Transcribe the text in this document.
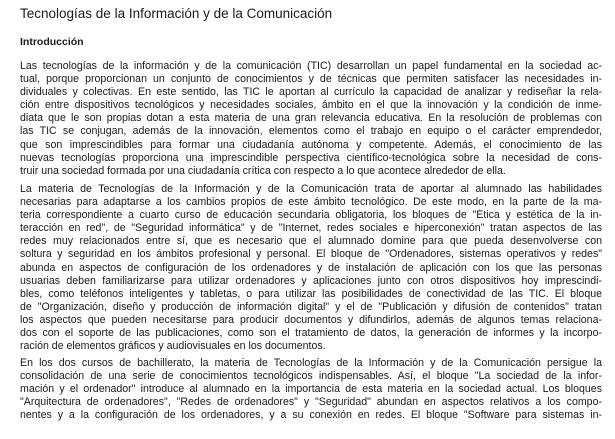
Tecnologías de la Información y de la Comunicación
Introducción

Las tecnologías de la información y de la comunicación (TIC) desarrollan un papel fundamental en la sociedad ac-
tual, porque proporcionan un conjunto de conocimientos y de técnicas que permiten satisfacer las necesidades in-
dividuales y colectivas. En este sentido, las TIC le aportan al currículo la capacidad de analizar y rediseñar la rela-
ción entre dispositivos tecnológicos y necesidades sociales, ámbito en el que la innovación y la condición de inme-
diata que le son propias dotan a esta materia de una gran relevancia educativa. En la resolución de problemas con
las TIC se conjugan, además de la innovación, elementos como el trabajo en equipo o el carácter emprendedor,
que son imprescindibles para formar una ciudadanía autónoma y competente. Además, el conocimiento de las
nuevas tecnologías proporciona una imprescindible perspectiva científico-tecnológica sobre la necesidad de cons-
truir una sociedad formada por una ciudadanía crítica con respecto a lo que acontece alrededor de ella.

La materia de Tecnologías de la Información y de la Comunicación trata de aportar al alumnado las habilidades
necesarias para adaptarse a los cambios propios de este ámbito tecnológico. De este modo, en la parte de la ma-
teria correspondiente a cuarto curso de educación secundaria obligatoria, los bloques de "Ética y estética de la in-
teracción en red", de "Seguridad informática" y de "Internet, redes sociales e hiperconexión" tratan aspectos de las
redes muy relacionados entre sí, que es necesario que el alumnado domine para que pueda desenvolverse con
soltura y seguridad en los ámbitos profesional y personal. El bloque de "Ordenadores, sistemas operativos y redes"
abunda en aspectos de configuración de los ordenadores y de instalación de aplicación con los que las personas
usuarias deben familiarizarse para utilizar ordenadores y aplicaciones junto con otros dispositivos hoy imprescindi-
bles, como teléfonos inteligentes y tabletas, o para utilizar las posibilidades de conectividad de las TIC. El bloque
de "Organización, diseño y producción de información digital" y el de "Publicación y difusión de contenidos" tratan
los aspectos que pueden necesitarse para producir documentos y difundirlos, además de algunos temas relaciona-
dos con el soporte de las publicaciones, como son el tratamiento de datos, la generación de informes y la incorpo-
ración de elementos gráficos y audiovisuales en los documentos.

En los dos cursos de bachillerato, la materia de Tecnologías de la Información y de la Comunicación persigue la
consolidación de una serie de conocimientos tecnológicos indispensables. Así, el bloque "La sociedad de la infor-
mación y el ordenador" introduce al alumnado en la importancia de esta materia en la sociedad actual. Los bloques
"Arquitectura de ordenadores", "Redes de ordenadores" y "Seguridad" abundan en aspectos relativos a los compo-
nentes y a la configuración de los ordenadores, y a su conexión en redes. El bloque "Software para sistemas in-
